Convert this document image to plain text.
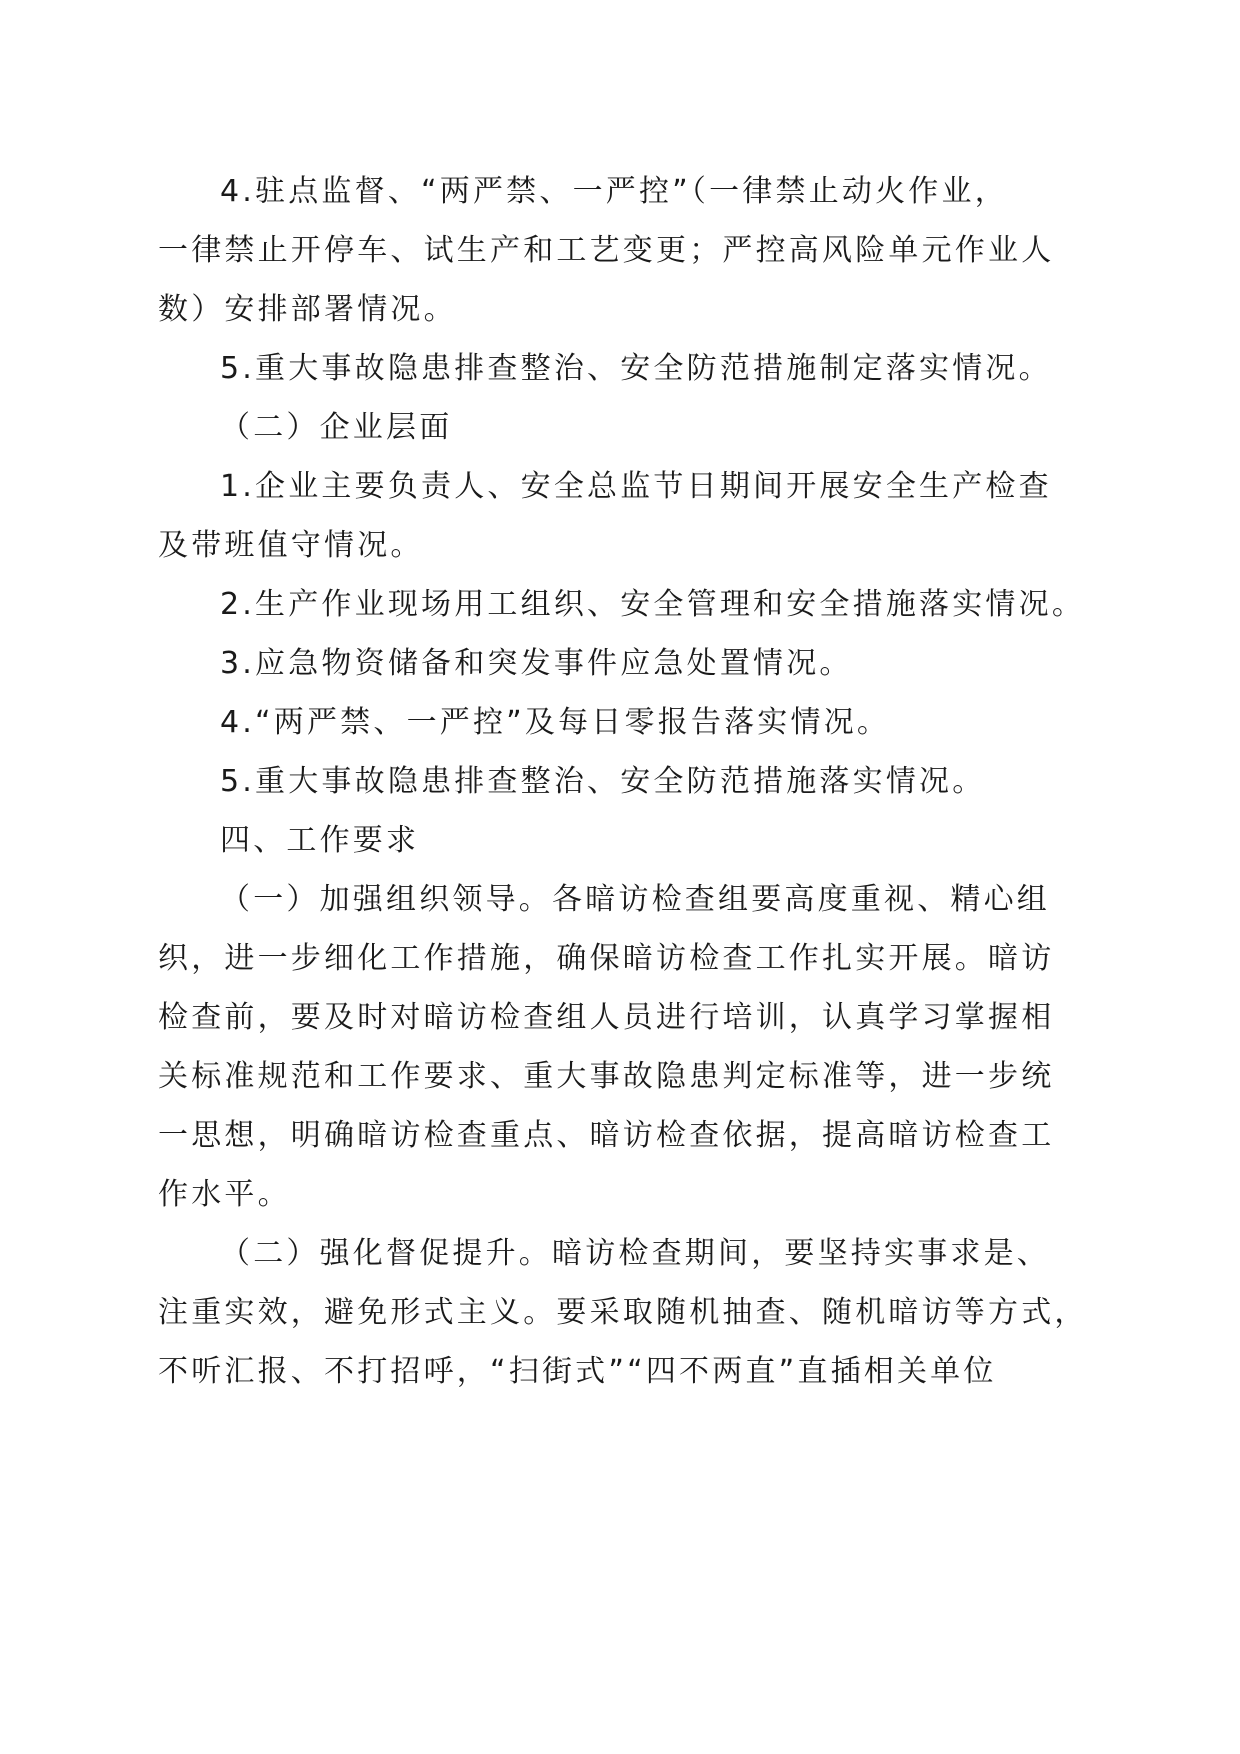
4.驻点监督、“两严禁、一严控”（一律禁止动火作业，
一律禁止开停车、试生产和工艺变更；严控高风险单元作业人
数）安排部署情况。
5.重大事故隐患排查整治、安全防范措施制定落实情况。
（二）企业层面
1.企业主要负责人、安全总监节日期间开展安全生产检查
及带班值守情况。
2.生产作业现场用工组织、安全管理和安全措施落实情况。
3.应急物资储备和突发事件应急处置情况。
4.“两严禁、一严控”及每日零报告落实情况。
5.重大事故隐患排查整治、安全防范措施落实情况。
四、工作要求
（一）加强组织领导。各暗访检查组要高度重视、精心组
织，进一步细化工作措施，确保暗访检查工作扎实开展。暗访
检查前，要及时对暗访检查组人员进行培训，认真学习掌握相
关标准规范和工作要求、重大事故隐患判定标准等，进一步统
一思想，明确暗访检查重点、暗访检查依据，提高暗访检查工
作水平。
（二）强化督促提升。暗访检查期间，要坚持实事求是、
注重实效，避免形式主义。要采取随机抽查、随机暗访等方式，
不听汇报、不打招呼，“扫街式”“四不两直”直插相关单位
